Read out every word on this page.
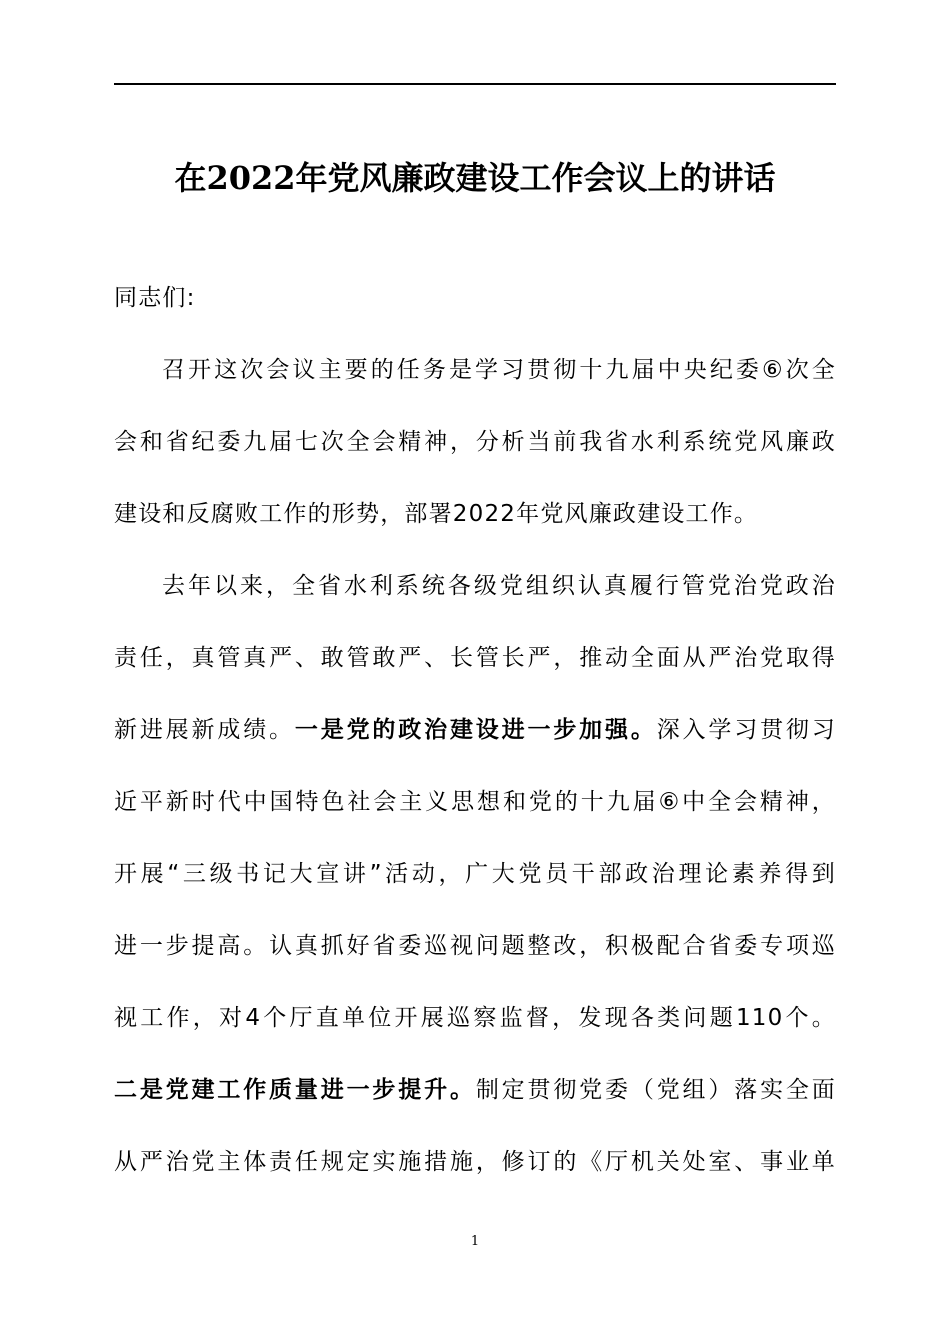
在2022年党风廉政建设工作会议上的讲话
同志们:
召开这次会议主要的任务是学习贯彻十九届中央纪委⑥次全
会和省纪委九届七次全会精神，分析当前我省水利系统党风廉政
建设和反腐败工作的形势，部署2022年党风廉政建设工作。
去年以来，全省水利系统各级党组织认真履行管党治党政治
责任，真管真严、敢管敢严、长管长严，推动全面从严治党取得
新进展新成绩。一是党的政治建设进一步加强。深入学习贯彻习
近平新时代中国特色社会主义思想和党的十九届⑥中全会精神，
开展“三级书记大宣讲”活动，广大党员干部政治理论素养得到
进一步提高。认真抓好省委巡视问题整改，积极配合省委专项巡
视工作，对4个厅直单位开展巡察监督，发现各类问题110个。
二是党建工作质量进一步提升。制定贯彻党委（党组）落实全面
从严治党主体责任规定实施措施，修订的《厅机关处室、事业单
1
